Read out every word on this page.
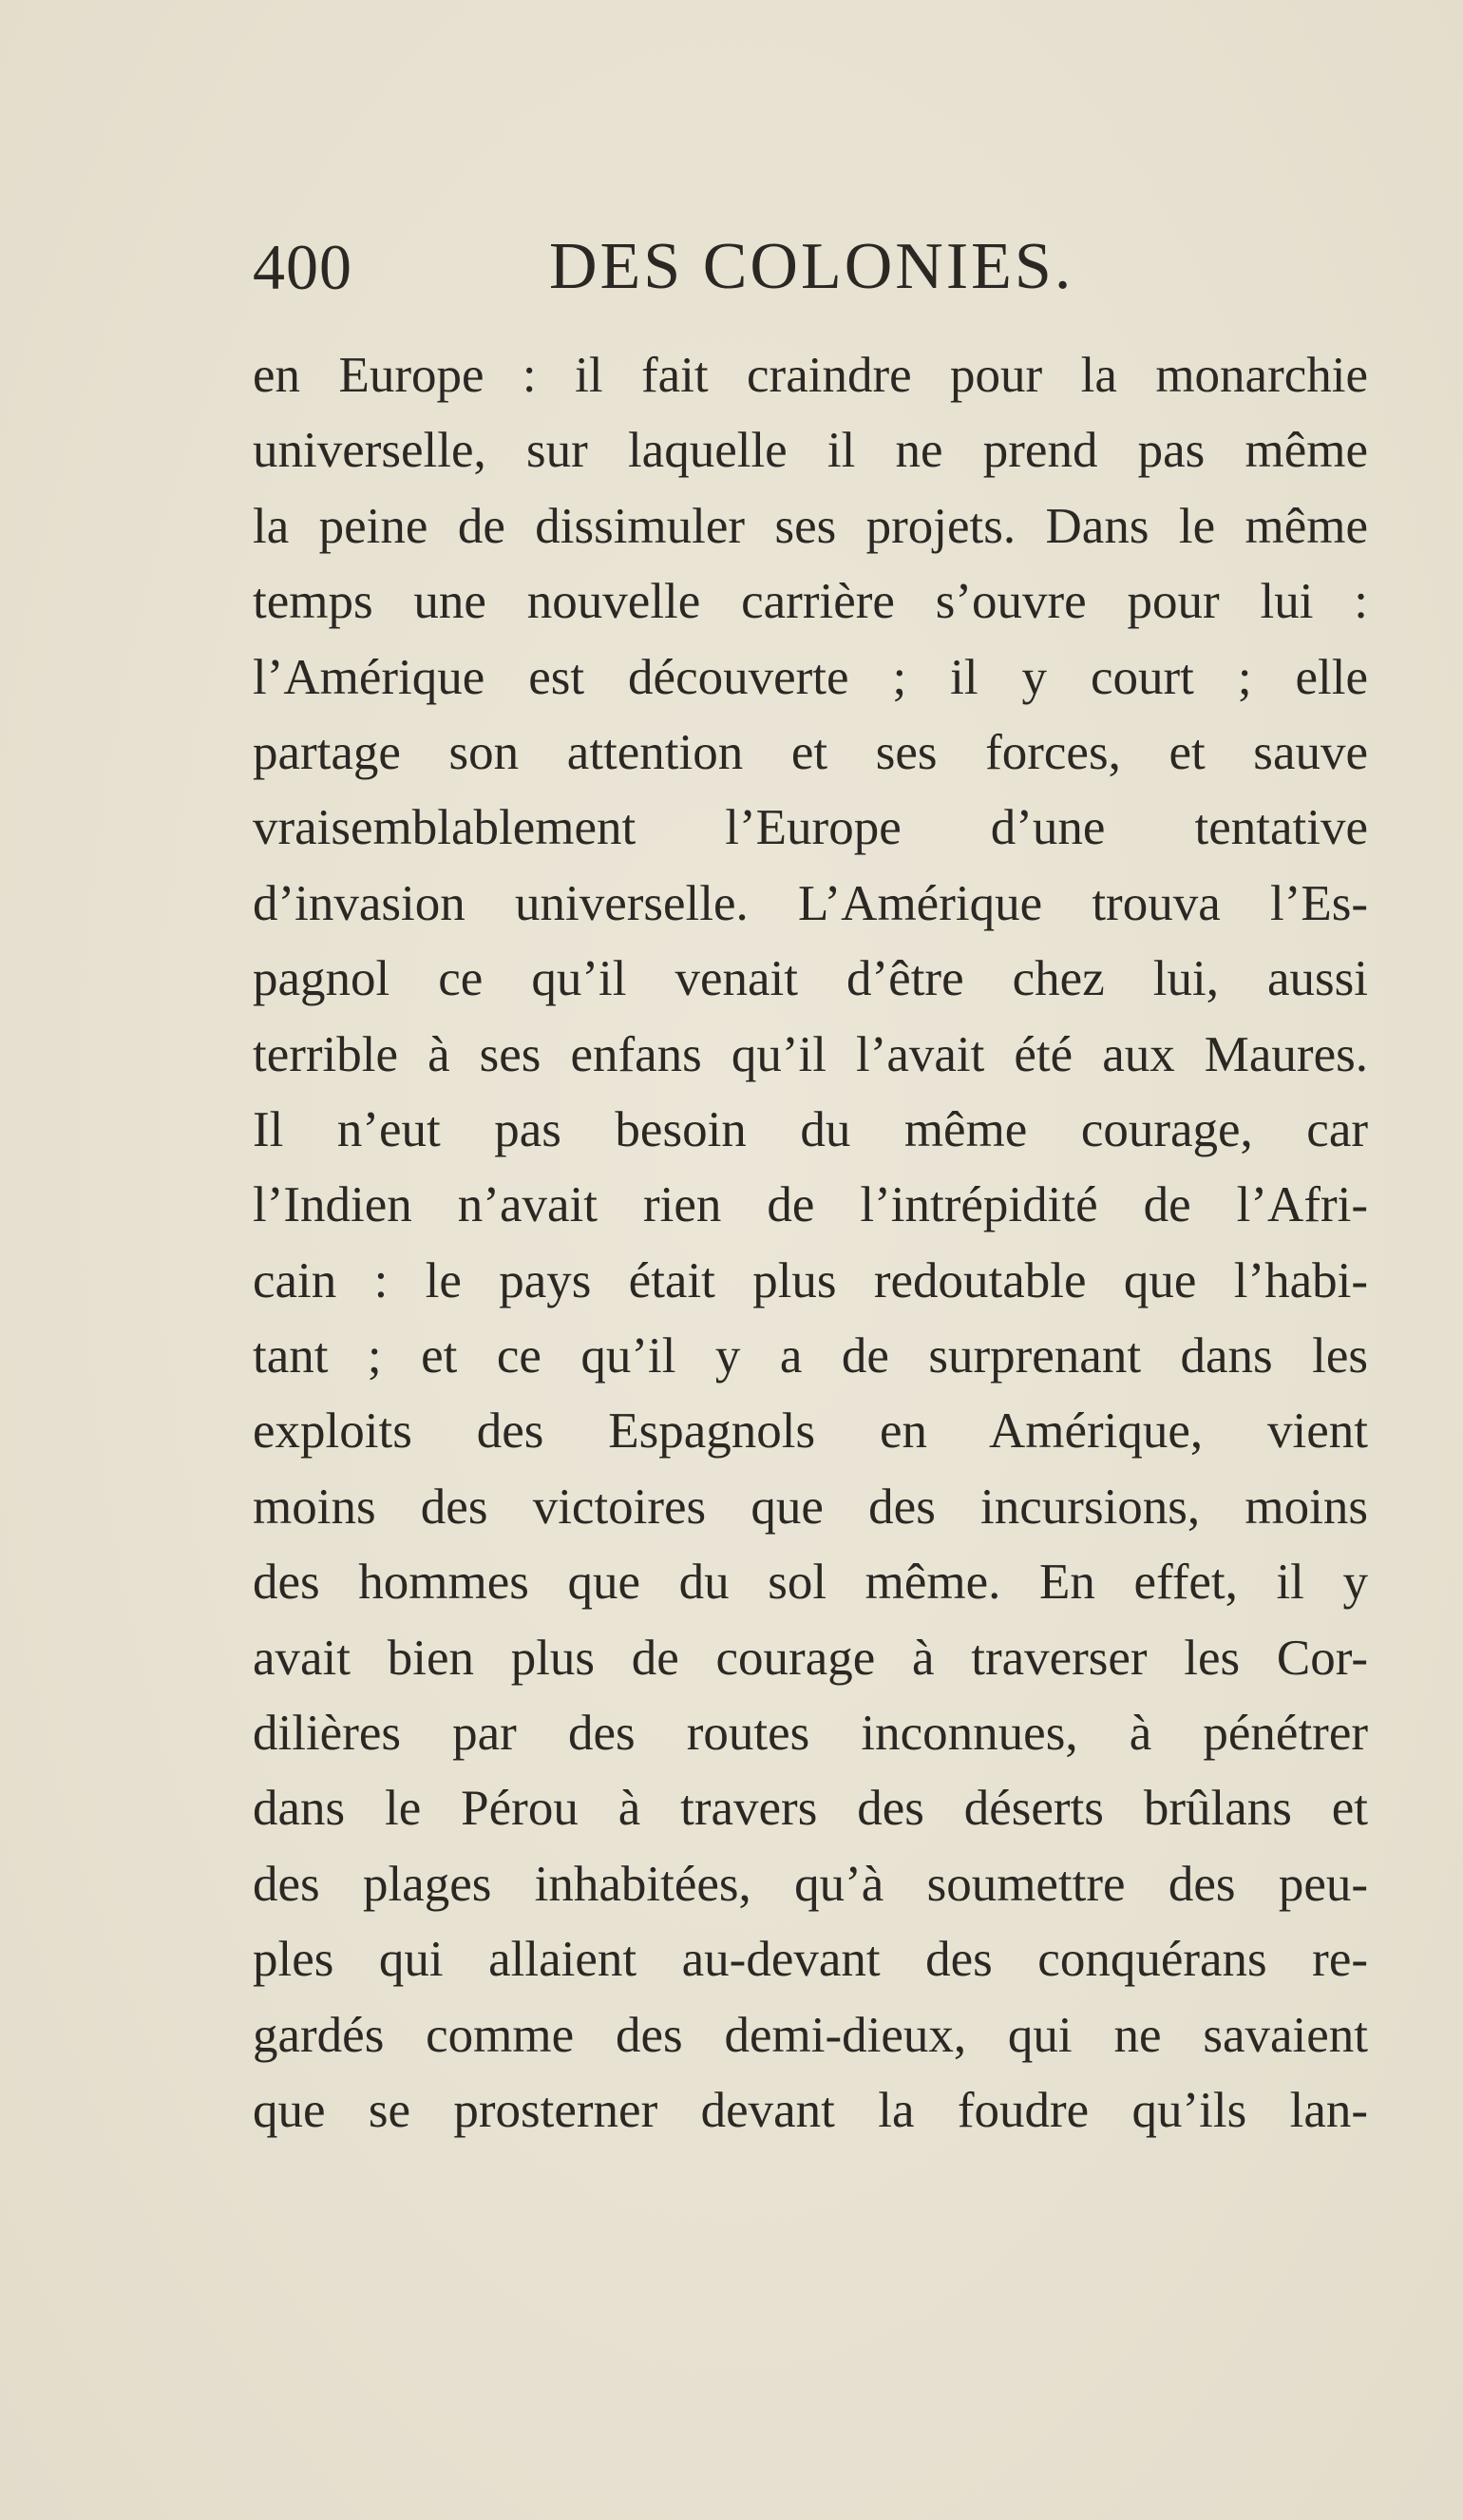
400	DES COLONIES.
en Europe : il fait craindre pour la monarchie
universelle, sur laquelle il ne prend pas même
la peine de dissimuler ses projets. Dans le même
temps une nouvelle carrière s’ouvre pour lui :
l’Amérique est découverte ; il y court ; elle
partage son attention et ses forces, et sauve
vraisemblablement l’Europe d’une tentative
d’invasion universelle. L’Amérique trouva l’Es-
pagnol ce qu’il venait d’être chez lui, aussi
terrible à ses enfans qu’il l’avait été aux Maures.
Il n’eut pas besoin du même courage, car
l’Indien n’avait rien de l’intrépidité de l’Afri-
cain : le pays était plus redoutable que l’habi-
tant ; et ce qu’il y a de surprenant dans les
exploits des Espagnols en Amérique, vient
moins des victoires que des incursions, moins
des hommes que du sol même. En effet, il y
avait bien plus de courage à traverser les Cor-
dilières par des routes inconnues, à pénétrer
dans le Pérou à travers des déserts brûlans et
des plages inhabitées, qu’à soumettre des peu-
ples qui allaient au-devant des conquérans re-
gardés comme des demi-dieux, qui ne savaient
que se prosterner devant la foudre qu’ils lan-
